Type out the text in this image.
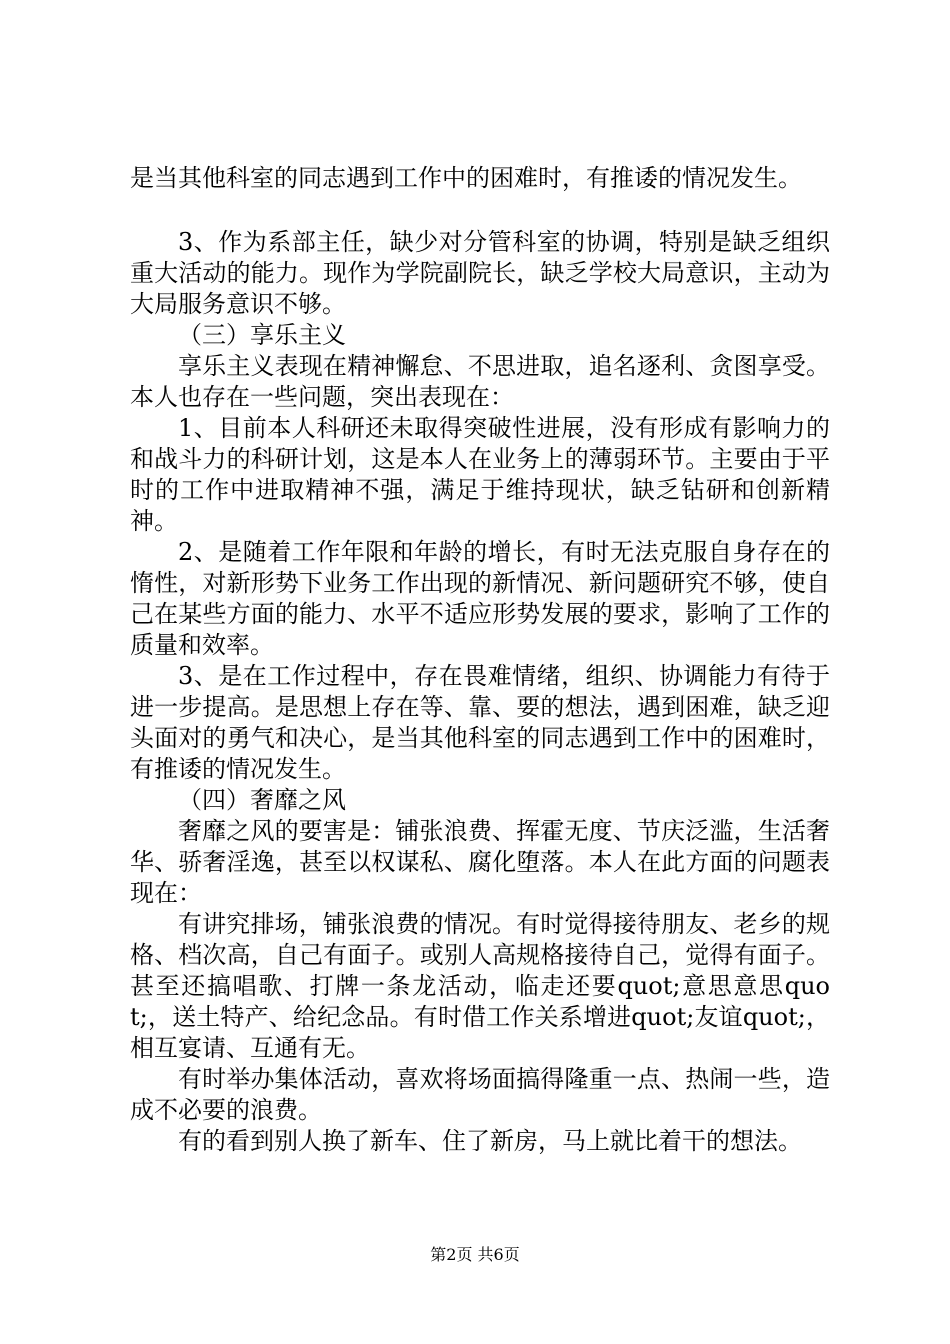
是当其他科室的同志遇到工作中的困难时，有推诿的情况发生。

3、作为系部主任，缺少对分管科室的协调，特别是缺乏组织重大活动的能力。现作为学院副院长，缺乏学校大局意识，主动为大局服务意识不够。

（三）享乐主义

享乐主义表现在精神懈怠、不思进取，追名逐利、贪图享受。本人也存在一些问题，突出表现在：

1、目前本人科研还未取得突破性进展，没有形成有影响力的和战斗力的科研计划，这是本人在业务上的薄弱环节。主要由于平时的工作中进取精神不强，满足于维持现状，缺乏钻研和创新精神。

2、是随着工作年限和年龄的增长，有时无法克服自身存在的惰性，对新形势下业务工作出现的新情况、新问题研究不够，使自己在某些方面的能力、水平不适应形势发展的要求，影响了工作的质量和效率。

3、是在工作过程中，存在畏难情绪，组织、协调能力有待于进一步提高。是思想上存在等、靠、要的想法，遇到困难，缺乏迎头面对的勇气和决心，是当其他科室的同志遇到工作中的困难时，有推诿的情况发生。

（四）奢靡之风

奢靡之风的要害是：铺张浪费、挥霍无度、节庆泛滥，生活奢华、骄奢淫逸，甚至以权谋私、腐化堕落。本人在此方面的问题表现在：

有讲究排场，铺张浪费的情况。有时觉得接待朋友、老乡的规格、档次高，自己有面子。或别人高规格接待自己，觉得有面子。甚至还搞唱歌、打牌一条龙活动，临走还要quot;意思意思quot;，送土特产、给纪念品。有时借工作关系增进quot;友谊quot;，相互宴请、互通有无。

有时举办集体活动，喜欢将场面搞得隆重一点、热闹一些，造成不必要的浪费。

有的看到别人换了新车、住了新房，马上就比着干的想法。

第2页 共6页
